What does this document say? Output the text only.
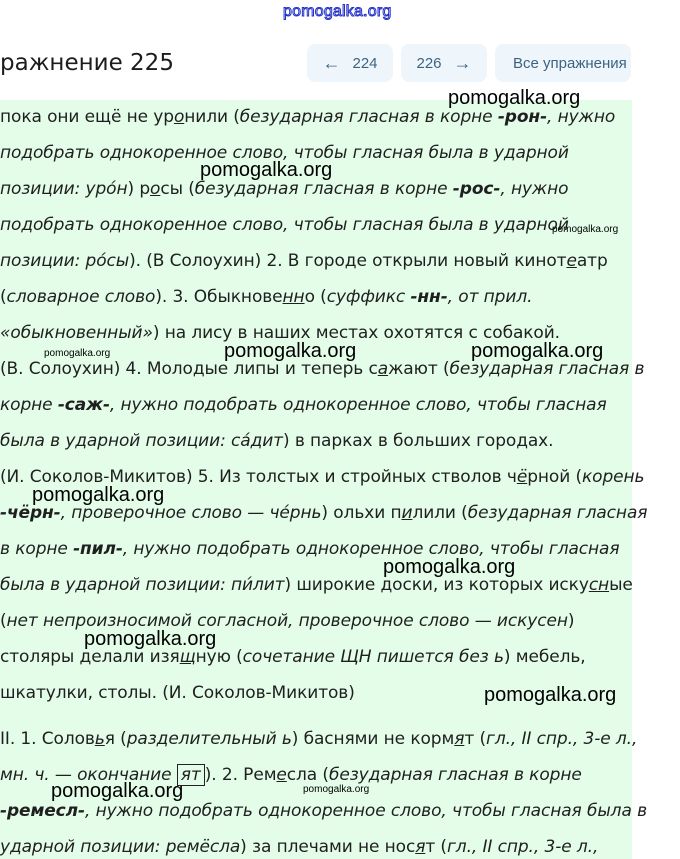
pomogalka.org
ражнение 225	← 224	226 →	Все упражнения
пока они ещё не уронили (безударная гласная в корне -рон-, нужно
подобрать однокоренное слово, чтобы гласная была в ударной
позиции: уро́н) росы (безударная гласная в корне -рос-, нужно
подобрать однокоренное слово, чтобы гласная была в ударной
позиции: ро́сы). (В Солоухин) 2. В городе открыли новый кинотеатр
(словарное слово). 3. Обыкновенно (суффикс -нн-, от прил.
«обыкновенный») на лису в наших местах охотятся с собакой.
(В. Солоухин) 4. Молодые липы и теперь сажают (безударная гласная в
корне -саж-, нужно подобрать однокоренное слово, чтобы гласная
была в ударной позиции: са́дит) в парках в больших городах.
(И. Соколов-Микитов) 5. Из толстых и стройных стволов чёрной (корень
-чёрн-, проверочное слово — че́рнь) ольхи пилили (безударная гласная
в корне -пил-, нужно подобрать однокоренное слово, чтобы гласная
была в ударной позиции: пи́лит) широкие доски, из которых искусные
(нет непроизносимой согласной, проверочное слово — искусен)
столяры делали изящную (сочетание ЩН пишется без ь) мебель,
шкатулки, столы. (И. Соколов-Микитов)
II. 1. Соловья (разделительный ь) баснями не кормят (гл., II спр., 3-е л.,
мн. ч. — окончание ят ). 2. Ремесла (безударная гласная в корне
-ремесл-, нужно подобрать однокоренное слово, чтобы гласная была в
ударной позиции: ремёсла) за плечами не носят (гл., II спр., 3-е л.,
pomogalka.org
pomogalka.org
pomogalka.org
pomogalka.org	pomogalka.org	pomogalka.org
pomogalka.org
pomogalka.org
pomogalka.org
pomogalka.org
pomogalka.org	pomogalka.org
